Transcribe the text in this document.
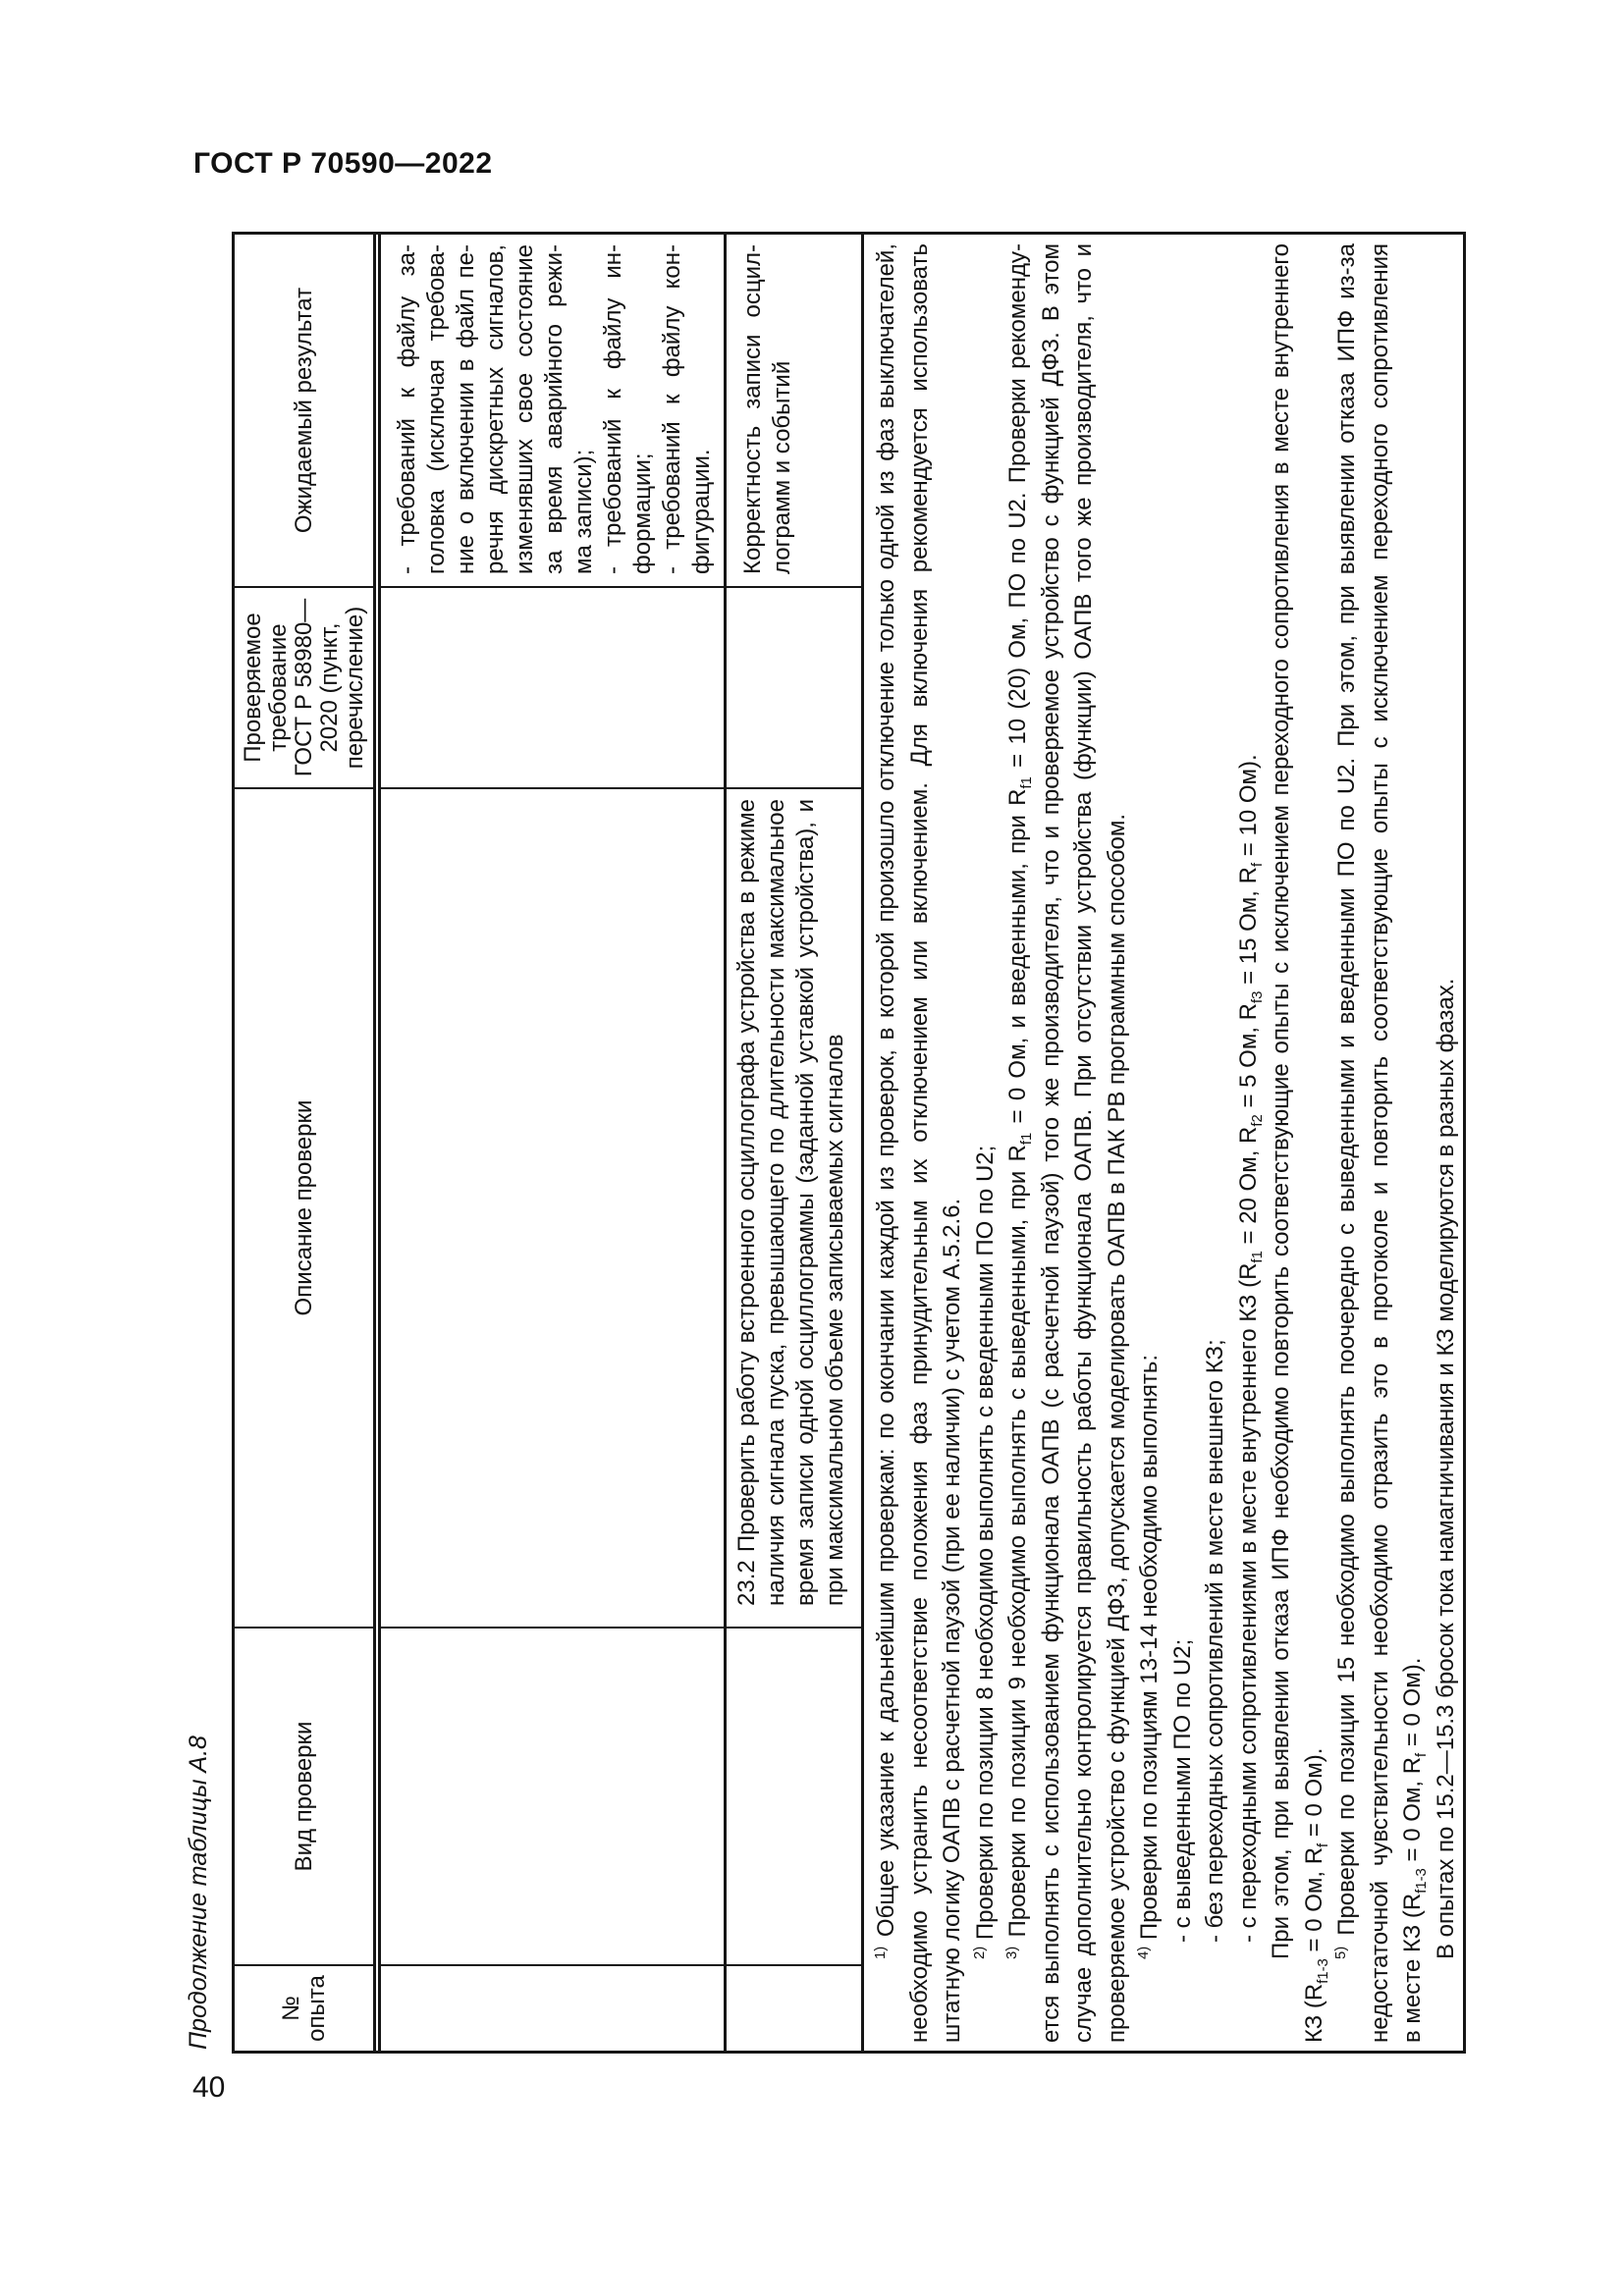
ГОСТ Р 70590—2022
40
Продолжение таблицы А.8	№
опыта
Вид проверки
Описание проверки
Проверяемое
требование
ГОСТ Р 58980—
2020 (пункт,
перечисление)
Ожидаемый результат	- требований к файлу за- головка (исключая требова- ние о включении в файл пе- речня дискретных сигналов, изменявших свое состояние за время аварийного режи- ма записи); - требований к файлу ин- формации; - требований к файлу кон- фигурации.
23.2 Проверить работу встроенного осциллографа устройства в режиме наличия сигнала пуска, превышающего по длительности максимальное время записи одной осциллограммы (заданной уставкой устройства), и при максимальном объеме записываемых сигналов
Корректность записи осцил- лограмм и событий
$^{1)}$ Общее указание к дальнейшим проверкам: по окончании каждой из проверок, в которой произошло отключение только одной из фаз выключателей, необходимо устранить несоответствие положения фаз принудительным их отключением или включением. Для включения рекомендуется использовать штатную логику ОАПВ с расчетной паузой (при ее наличии) с учетом А.5.2.6. $^{2)}$ Проверки по позиции 8 необходимо выполнять с введенными ПО по U2;
$^{3)}$ Проверки по позиции 9 необходимо выполнять с выведенными, при $R_{f1} = 0$ Ом, и введенными, при $R_{f1} = 10$ (20) Ом, ПО по U2. Проверки рекоменду- ется выполнять с использованием функционала ОАПВ (с расчетной паузой) того же производителя, что и проверяемое устройство с функцией ДФЗ. В этом случае дополнительно контролируется правильность работы функционала ОАПВ. При отсутствии устройства (функции) ОАПВ того же производителя, что и проверяемое устройство с функцией ДФЗ, допускается моделировать ОАПВ в ПАК РВ программным способом. $^{4)}$ Проверки по позициям 13-14 необходимо выполнять: - с выведенными ПО по U2; - без переходных сопротивлений в месте внешнего КЗ; - с переходными сопротивлениями в месте внутреннего КЗ ($R_{f1} = 20$ Ом, $R_{f2} = 5$ Ом, $R_{f3} = 15$ Ом, $R_f = 10$ Ом). При этом, при выявлении отказа ИПФ необходимо повторить соответствующие опыты с исключением переходного сопротивления в месте внутреннего
КЗ ($R_{f1-3} = 0$ Ом, $R_f = 0$ Ом).
$^{5)}$ Проверки по позиции 15 необходимо выполнять поочередно с выведенными и введенными ПО по U2. При этом, при выявлении отказа ИПФ из-за недостаточной чувствительности необходимо отразить это в протоколе и повторить соответствующие опыты с исключением переходного сопротивления в месте КЗ ($R_{f1-3} = 0$ Ом, $R_f = 0$ Ом). В опытах по 15.2—15.3 бросок тока намагничивания и КЗ моделируются в разных фазах.
